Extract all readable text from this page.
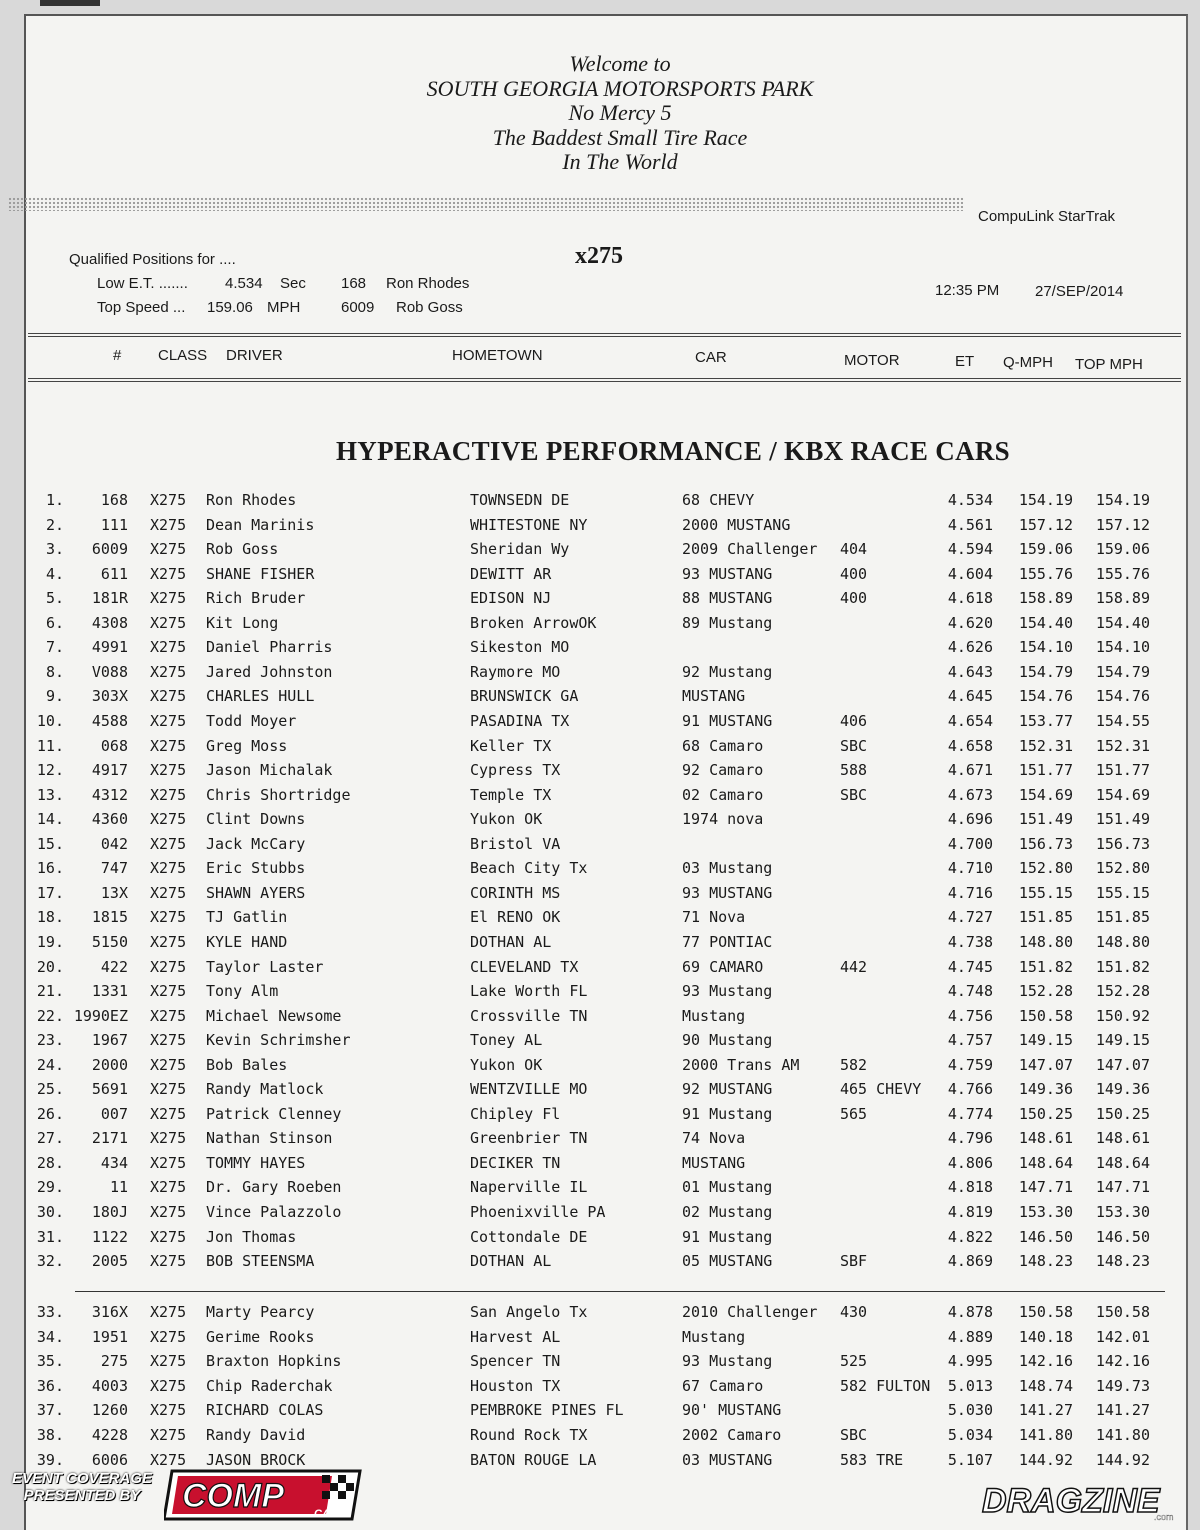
Welcome to
SOUTH GEORGIA MOTORSPORTS PARK
No Mercy 5
The Baddest Small Tire Race
In The World
CompuLink StarTrak
Qualified Positions for ....
Low E.T. ....... 4.534 Sec 168 Ron Rhodes
Top Speed ... 159.06 MPH	6009 Rob Goss
x275
12:35 PM 27/SEP/2014
# CLASS DRIVER	HOMETOWN	CAR	MOTOR	ET Q-MPH TOP MPH
HYPERACTIVE PERFORMANCE / KBX RACE CARS
1.	168 X275 Ron Rhodes	TOWNSEDN DE	68 CHEVY	4.534	154.19	154.19
2.	111 X275 Dean Marinis	WHITESTONE NY	2000 MUSTANG	4.561	157.12	157.12
3.	6009 X275 Rob Goss	Sheridan Wy	2009 Challenger 404	4.594	159.06	159.06
4.	611 X275 SHANE FISHER	DEWITT AR	93 MUSTANG	400	4.604	155.76	155.76
5.	181R X275 Rich Bruder	EDISON NJ	88 MUSTANG	400	4.618	158.89	158.89
6.	4308 X275 Kit Long	Broken ArrowOK	89 Mustang	4.620	154.40	154.40
7.	4991 X275 Daniel Pharris	Sikeston MO	4.626	154.10	154.10
8.	V088 X275 Jared Johnston	Raymore MO	92 Mustang	4.643	154.79	154.79
9.	303X X275 CHARLES HULL	BRUNSWICK GA	MUSTANG	4.645	154.76	154.76
10.	4588 X275 Todd Moyer	PASADINA TX	91 MUSTANG	406	4.654	153.77	154.55
11.	068 X275 Greg Moss	Keller TX	68 Camaro	SBC	4.658	152.31	152.31
12.	4917 X275 Jason Michalak	Cypress TX	92 Camaro	588	4.671	151.77	151.77
13.	4312 X275 Chris Shortridge	Temple TX	02 Camaro	SBC	4.673	154.69	154.69
14.	4360 X275 Clint Downs	Yukon OK	1974 nova	4.696	151.49	151.49
15.	042 X275 Jack McCary	Bristol VA	4.700	156.73	156.73
16.	747 X275 Eric Stubbs	Beach City Tx	03 Mustang	4.710	152.80	152.80
17.	13X X275 SHAWN AYERS	CORINTH MS	93 MUSTANG	4.716	155.15	155.15
18.	1815 X275 TJ Gatlin	El RENO OK	71 Nova	4.727	151.85	151.85
19.	5150 X275 KYLE HAND	DOTHAN AL	77 PONTIAC	4.738	148.80	148.80
20.	422 X275 Taylor Laster	CLEVELAND TX	69 CAMARO	442	4.745	151.82	151.82
21.	1331 X275 Tony Alm	Lake Worth FL	93 Mustang	4.748	152.28	152.28
22. 1990EZ X275 Michael Newsome	Crossville TN	Mustang	4.756	150.58	150.92
23.	1967 X275 Kevin Schrimsher	Toney AL	90 Mustang	4.757	149.15	149.15
24.	2000 X275 Bob Bales	Yukon OK	2000 Trans AM	582	4.759	147.07	147.07
25.	5691 X275 Randy Matlock	WENTZVILLE MO	92 MUSTANG	465 CHEVY	4.766	149.36	149.36
26.	007 X275 Patrick Clenney	Chipley Fl	91 Mustang	565	4.774	150.25	150.25
27.	2171 X275 Nathan Stinson	Greenbrier TN	74 Nova	4.796	148.61	148.61
28.	434 X275 TOMMY HAYES	DECIKER TN	MUSTANG	4.806	148.64	148.64
29.	11 X275 Dr. Gary Roeben	Naperville IL	01 Mustang	4.818	147.71	147.71
30.	180J X275 Vince Palazzolo	Phoenixville PA	02 Mustang	4.819	153.30	153.30
31.	1122 X275 Jon Thomas	Cottondale DE	91 Mustang	4.822	146.50	146.50
32.	2005 X275 BOB STEENSMA	DOTHAN AL	05 MUSTANG	SBF	4.869	148.23	148.23
33.	316X X275 Marty Pearcy	San Angelo Tx	2010 Challenger 430	4.878	150.58	150.58
34.	1951 X275 Gerime Rooks	Harvest AL	Mustang	4.889	140.18	142.01
35.	275 X275 Braxton Hopkins	Spencer TN	93 Mustang	525	4.995	142.16	142.16
36.	4003 X275 Chip Raderchak	Houston TX	67 Camaro	582 FULTON	5.013	148.74	149.73
37.	1260 X275 RICHARD COLAS	PEMBROKE PINES FL	90' MUSTANG	5.030	141.27	141.27
38.	4228 X275 Randy David	Round Rock TX	2002 Camaro	SBC	5.034	141.80	141.80
39.	6006 X275 JASON BROCK	BATON ROUGE LA	03 MUSTANG	583 TRE	5.107	144.92	144.92
EVENT COVERAGE
PRESENTED BY	COMP	CAMS	DRAGZINE
.com
